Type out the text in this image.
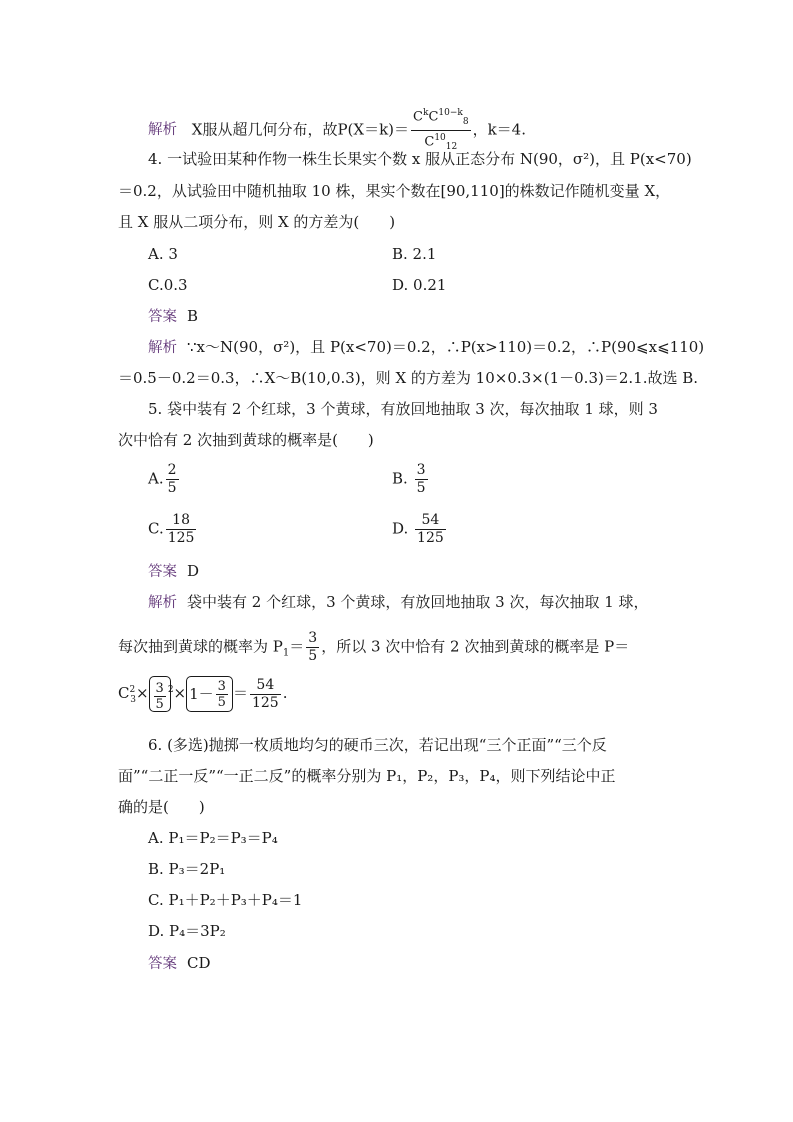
解析 X服从超几何分布，故$P(X=k)= \frac{C^kC^{10-k}_8}{C^{10}_{12}}$ ，k＝4.
4. 一试验田某种作物一株生长果实个数 x 服从正态分布 N(90，σ²)，且 P(x<70)
＝0.2，从试验田中随机抽取 10 株，果实个数在[90,110]的株数记作随机变量 X，
且 X 服从二项分布，则 X 的方差为(　　)
A. 3	B. 2.1
C.0.3	D. 0.21
答案 B
解析 ∵x～N(90，σ²)，且 P(x<70)＝0.2，∴P(x>110)＝0.2，∴P(90⩽x⩽110)
＝0.5－0.2＝0.3，∴X～B(10,0.3)，则 X 的方差为 10×0.3×(1－0.3)＝2.1.故选 B.
5. 袋中装有 2 个红球，3 个黄球，有放回地抽取 3 次，每次抽取 1 球，则 3
次中恰有 2 次抽到黄球的概率是(　　)
A. $\frac{2}{5}$	B. $\frac{3}{5}$
C. $\frac{18}{125}$	D. $\frac{54}{125}$
答案 D
解析 袋中装有 2 个红球，3 个黄球，有放回地抽取 3 次，每次抽取 1 球，
每次抽到黄球的概率为 $P_1= \frac{3}{5}$ ，所以 3 次中恰有 2 次抽到黄球的概率是 P＝
$C^2_3\times \frac{3}{5} ^2\times 1- \frac{3}{5} = \frac{54}{125}$ .
6. (多选)抛掷一枚质地均匀的硬币三次，若记出现“三个正面”“三个反
面”“二正一反”“一正二反”的概率分别为 P₁，P₂，P₃，P₄，则下列结论中正
确的是(　　)
A. P₁＝P₂＝P₃＝P₄
B. P₃＝2P₁
C. P₁＋P₂＋P₃＋P₄＝1
D. P₄＝3P₂
答案 CD
